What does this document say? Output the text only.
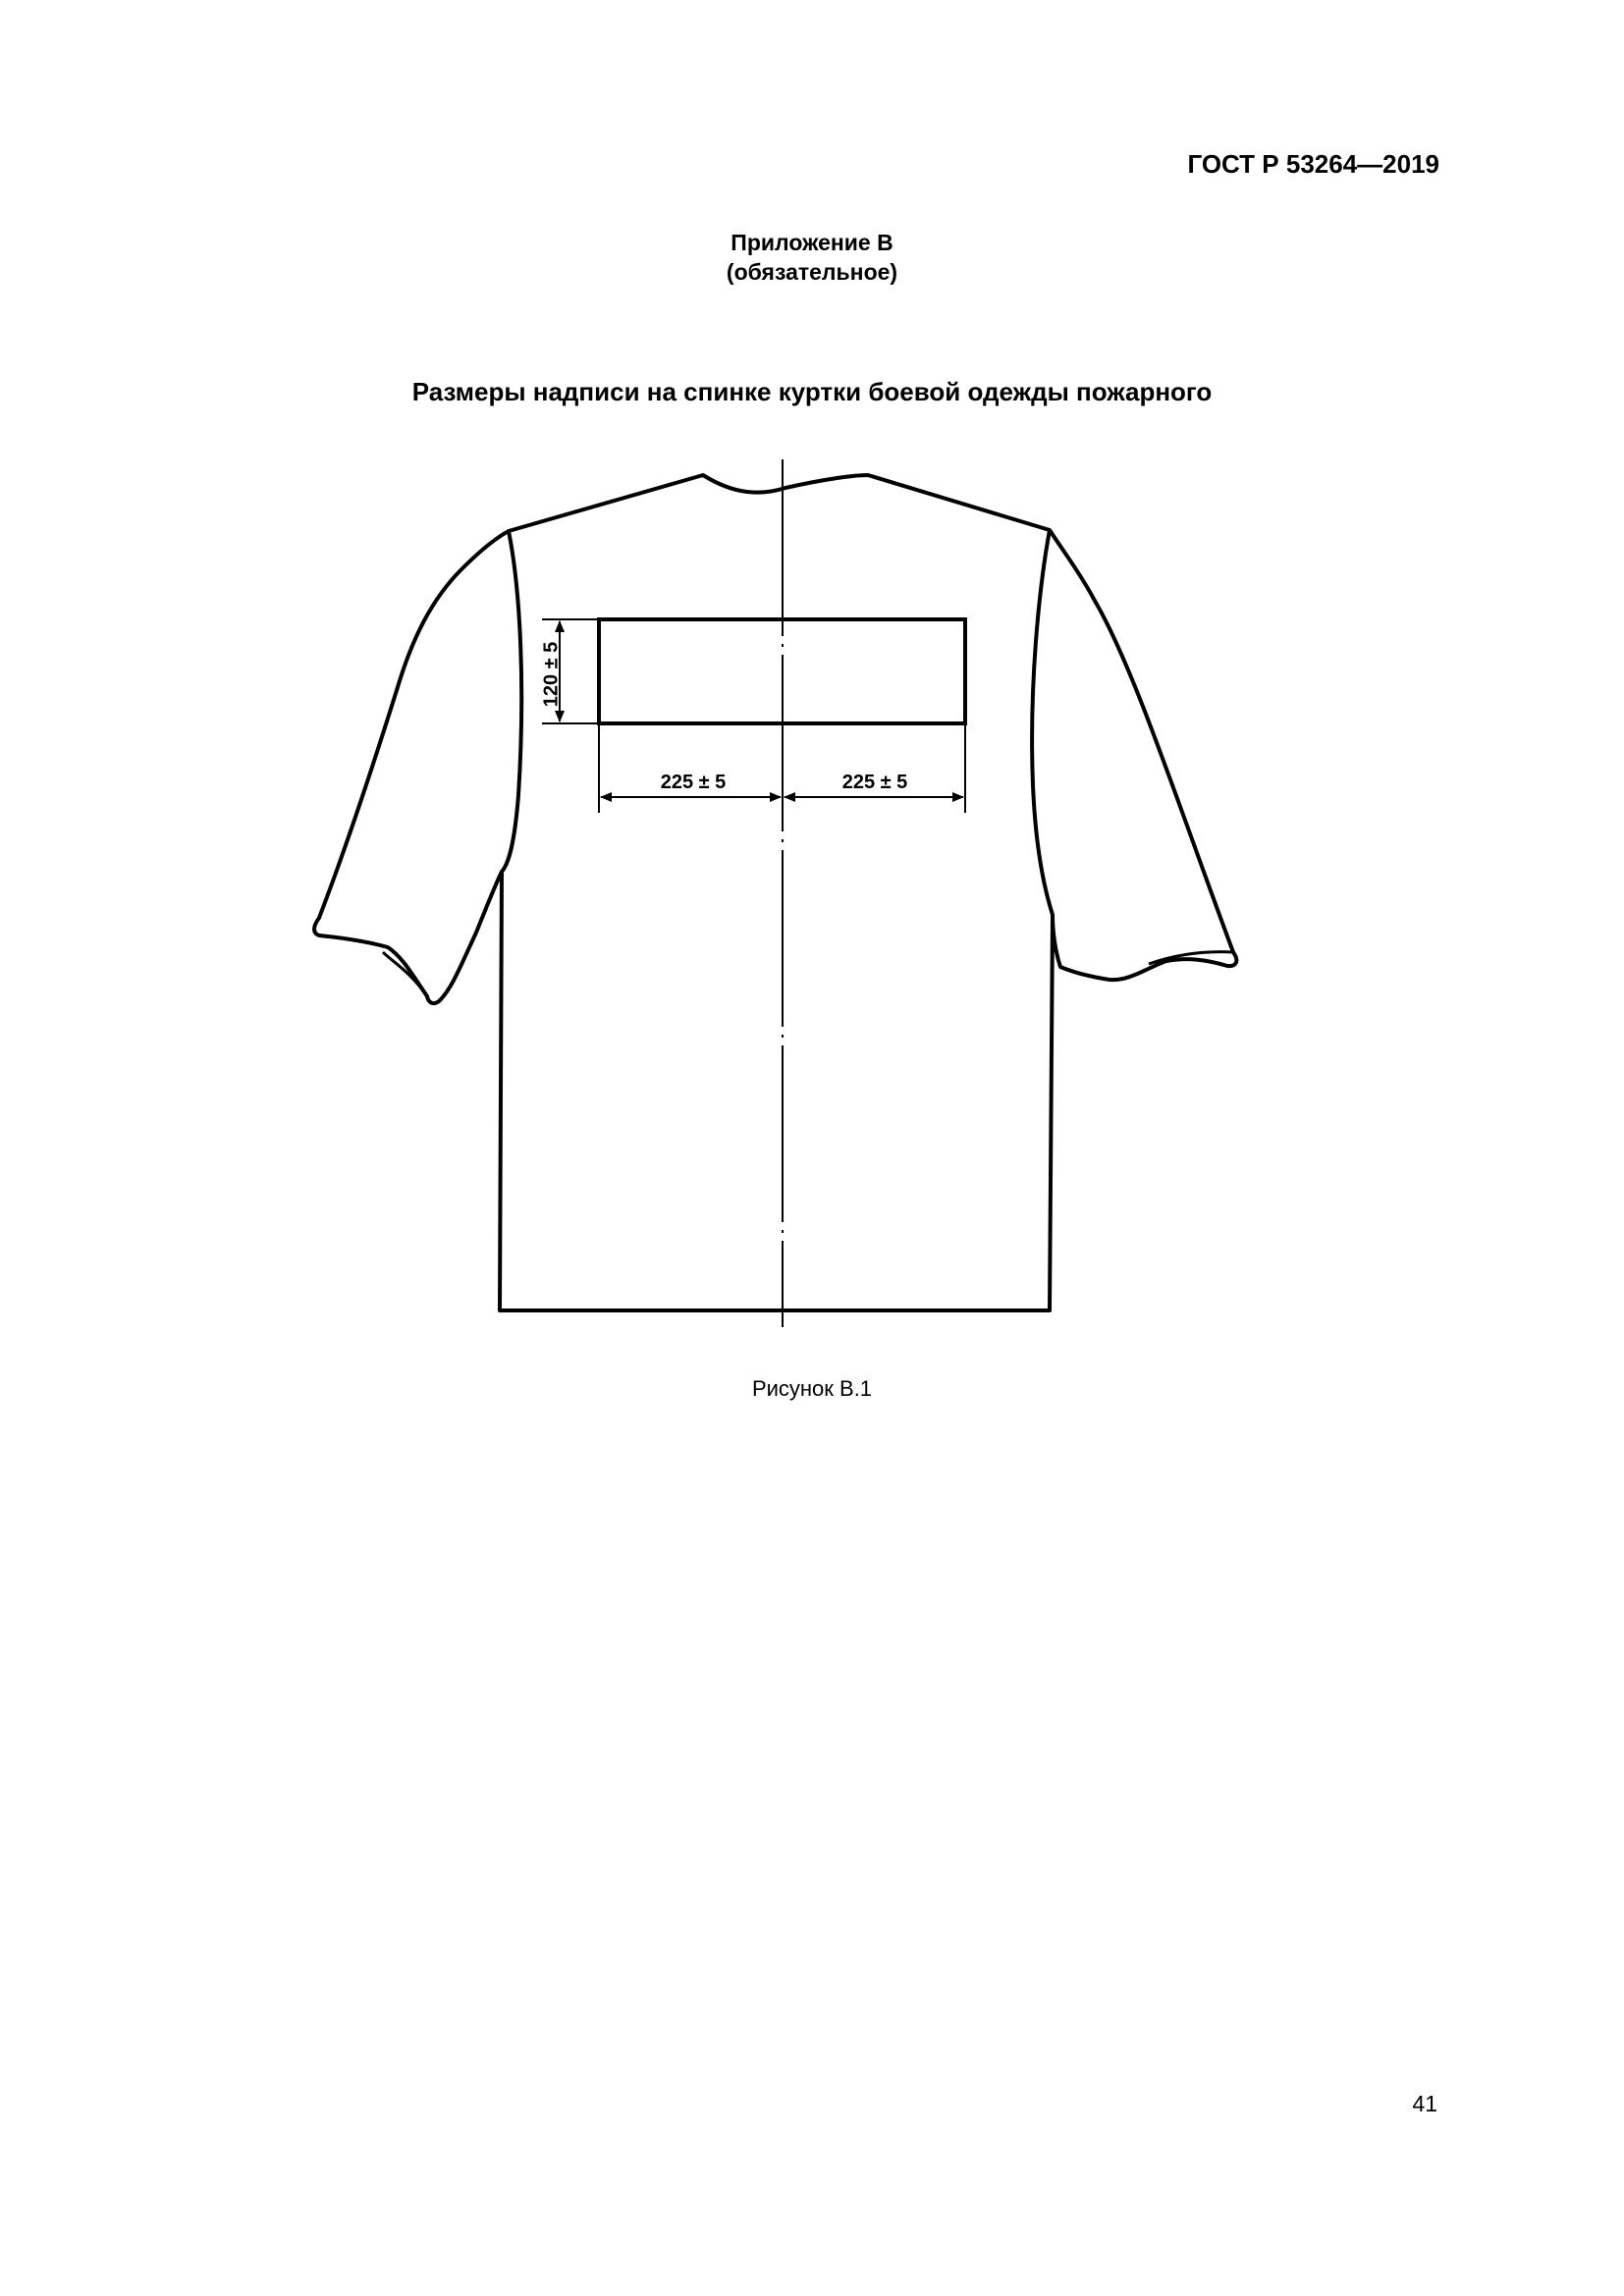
ГОСТ Р 53264—2019
Приложение В
(обязательное)
Размеры надписи на спинке куртки боевой одежды пожарного
120 ± 5
225 ± 5	225 ± 5
Рисунок В.1
41
